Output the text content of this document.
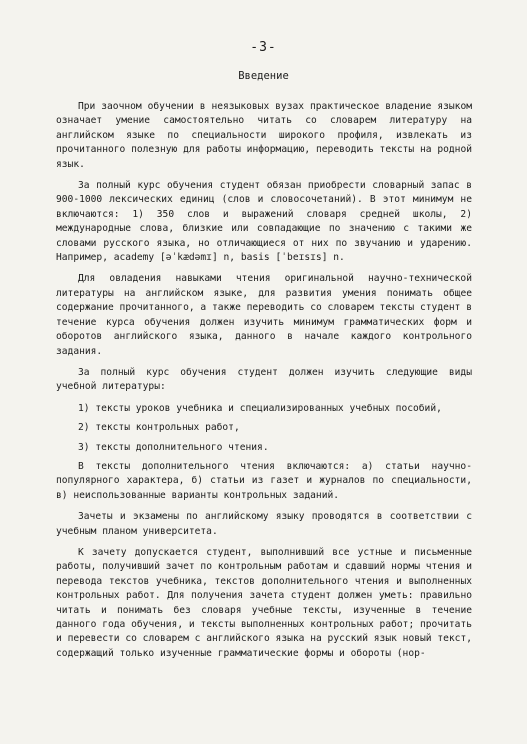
-3-
Введение

При заочном обучении в неязыковых вузах практическое владение языком означает умение самостоятельно читать со словарем литературу на английском языке по специальности широкого профиля, извлекать из прочитанного полезную для работы информацию, переводить тексты на родной язык.

За полный курс обучения студент обязан приобрести словарный запас в 900-1000 лексических единиц (слов и словосочетаний). В этот минимум не включаются: 1) 350 слов и выражений словаря средней школы, 2) международные слова, близкие или совпадающие по значению с такими же словами русского языка, но отличающиеся от них по звучанию и ударению. Например, academy [əˈkædəmɪ] n, basis [ˈbeɪsɪs] n.

Для овладения навыками чтения оригинальной научно-технической литературы на английском языке, для развития умения понимать общее содержание прочитанного, а также переводить со словарем тексты студент в течение курса обучения должен изучить минимум грамматических форм и оборотов английского языка, данного в начале каждого контрольного задания.

За полный курс обучения студент должен изучить следующие виды учебной литературы:

1) тексты уроков учебника и специализированных учебных пособий,

2) тексты контрольных работ,

3) тексты дополнительного чтения.

В тексты дополнительного чтения включаются: а) статьи научно-популярного характера, б) статьи из газет и журналов по специальности, в) неиспользованные варианты контрольных заданий.

Зачеты и экзамены по английскому языку проводятся в соответствии с учебным планом университета.

К зачету допускается студент, выполнивший все устные и письменные работы, получивший зачет по контрольным работам и сдавший нормы чтения и перевода текстов учебника, текстов дополнительного чтения и выполненных контрольных работ. Для получения зачета студент должен уметь: правильно читать и понимать без словаря учебные тексты, изученные в течение данного года обучения, и тексты выполненных контрольных работ; прочитать и перевести со словарем с английского языка на русский язык новый текст, содержащий только изученные грамматические формы и обороты (нор-
